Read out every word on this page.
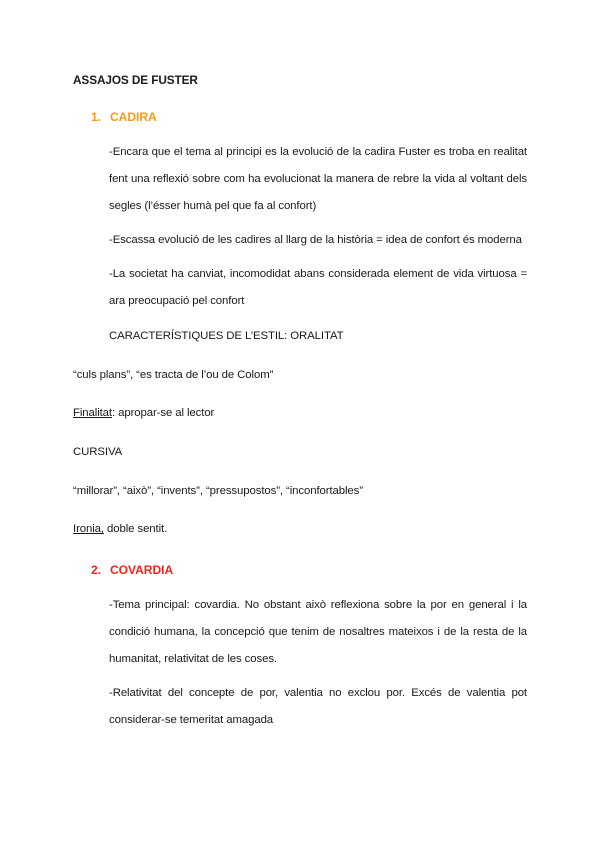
ASSAJOS DE FUSTER
1. CADIRA
-Encara que el tema al principi es la evolució de la cadira Fuster es troba en realitat
fent una reflexió sobre com ha evolucionat la manera de rebre la vida al voltant dels
segles (l’ésser humà pel que fa al confort)
-Escassa evolució de les cadires al llarg de la història = idea de confort és moderna
-La societat ha canviat, incomodidat abans considerada element de vida virtuosa =
ara preocupació pel confort
CARACTERÍSTIQUES DE L’ESTIL: ORALITAT
“culs plans”, “es tracta de l’ou de Colom”
Finalitat: apropar-se al lector
CURSIVA
“millorar”, “això”, “invents”, “pressupostos”, “inconfortables”
Ironia, doble sentit.
2. COVARDIA
-Tema principal: covardia. No obstant això reflexiona sobre la por en general i la
condició humana, la concepció que tenim de nosaltres mateixos i de la resta de la
humanitat, relativitat de les coses.
-Relativitat del concepte de por, valentia no exclou por. Excés de valentia pot
considerar-se temeritat amagada
